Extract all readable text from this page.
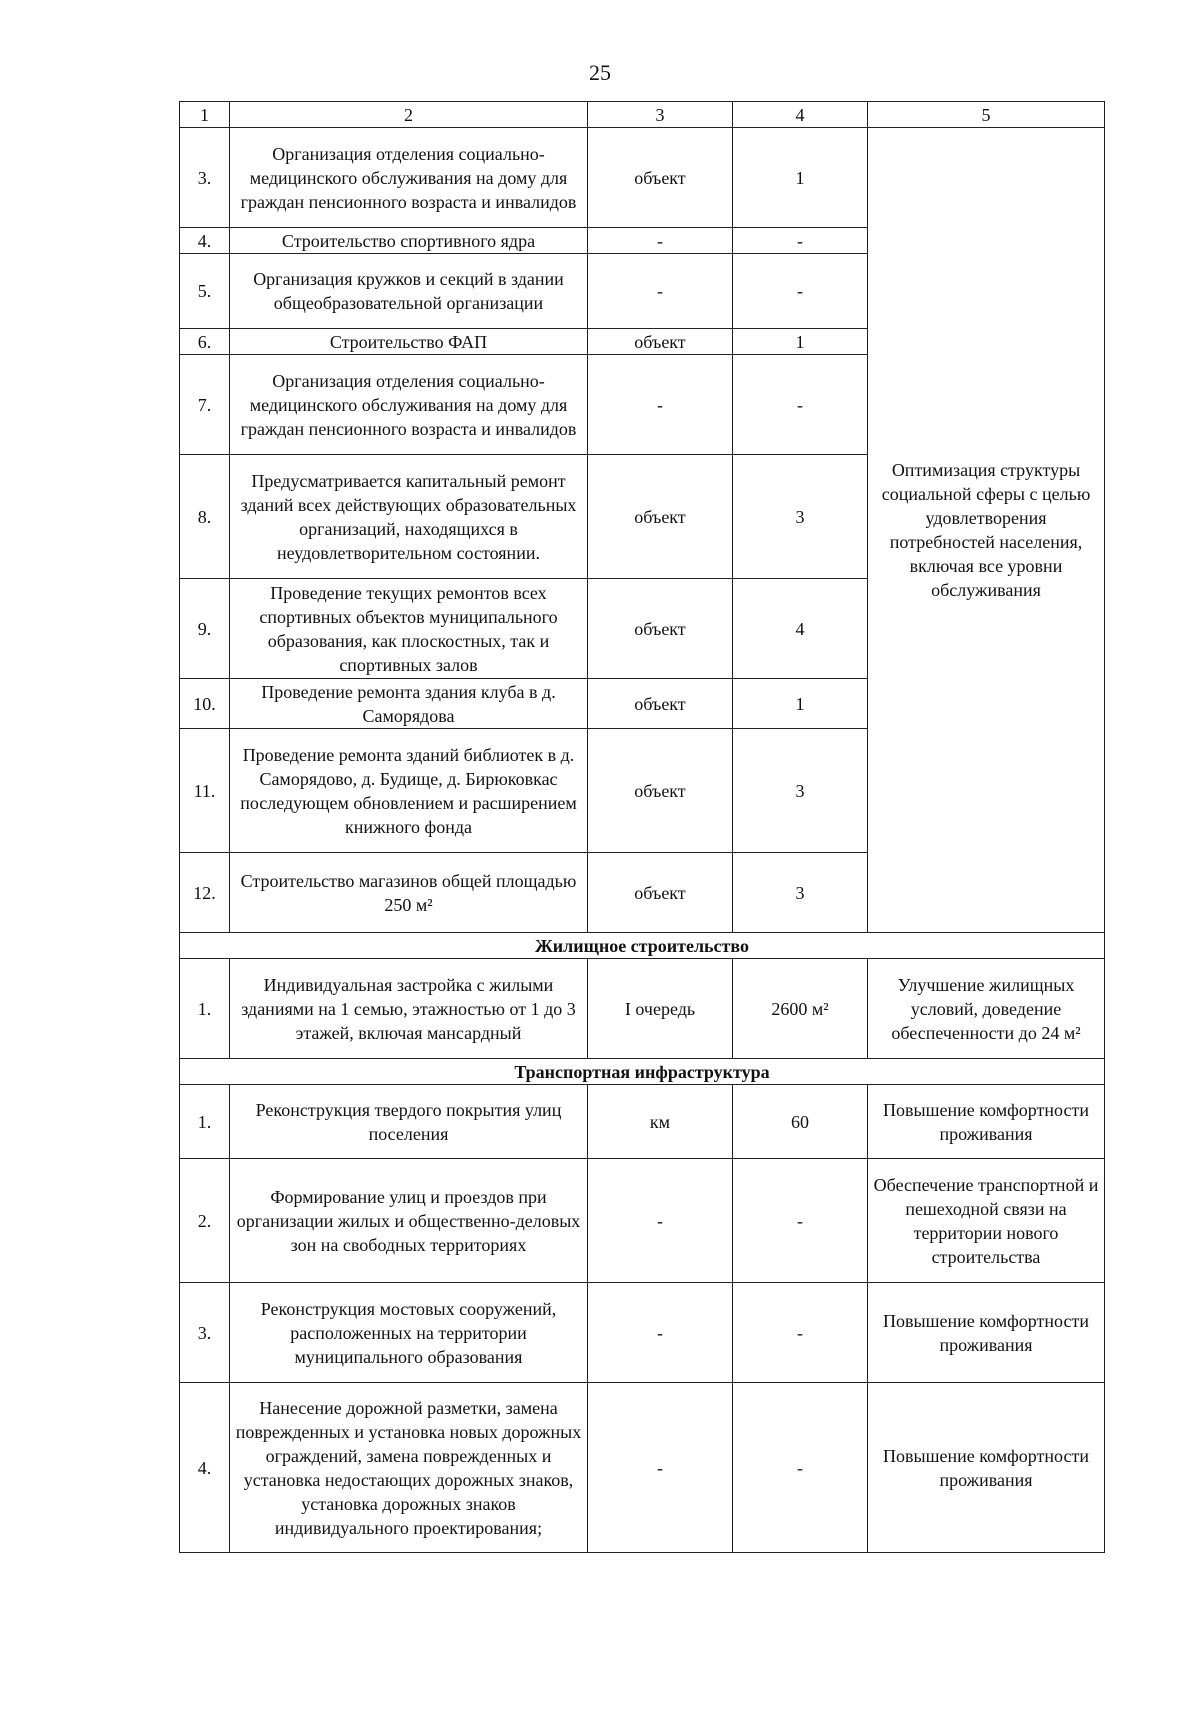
25
1	2	3	4	5
3.	Организация отделения социально-медицинского обслуживания на дому для граждан пенсионного возраста и инвалидов	объект	1	Оптимизация структуры социальной сферы с целью удовлетворения потребностей населения, включая все уровни обслуживания
4.	Строительство спортивного ядра	-	-	
5.	Организация кружков и секций в здании общеобразовательной организации	-	-	
6.	Строительство ФАП	объект	1	
7.	Организация отделения социально-медицинского обслуживания на дому для граждан пенсионного возраста и инвалидов	-	-	
8.	Предусматривается капитальный ремонт зданий всех действующих образовательных организаций, находящихся в неудовлетворительном состоянии.	объект	3	
9.	Проведение текущих ремонтов всех спортивных объектов муниципального образования, как плоскостных, так и спортивных залов	объект	4	
10.	Проведение ремонта здания клуба в д. Саморядова	объект	1	
11.	Проведение ремонта зданий библиотек в д. Саморядово, д. Будище, д. Бирюковкас последующем обновлением и расширением книжного фонда	объект	3	
12.	Строительство магазинов общей площадью 250 м²	объект	3	
Жилищное строительство				
1.	Индивидуальная застройка с жилыми зданиями на 1 семью, этажностью от 1 до 3 этажей, включая мансардный	I очередь	2600 м²	Улучшение жилищных условий, доведение обеспеченности до 24 м²
Транспортная инфраструктура				
1.	Реконструкция твердого покрытия улиц поселения	км	60	Повышение комфортности проживания
2.	Формирование улиц и проездов при организации жилых и общественно-деловых зон на свободных территориях	-	-	Обеспечение транспортной и пешеходной связи на территории нового строительства
3.	Реконструкция мостовых сооружений, расположенных на территории муниципального образования	-	-	Повышение комфортности проживания
4.	Нанесение дорожной разметки, замена поврежденных и установка новых дорожных ограждений, замена поврежденных и установка недостающих дорожных знаков, установка дорожных знаков индивидуального проектирования;	-	-	Повышение комфортности проживания
